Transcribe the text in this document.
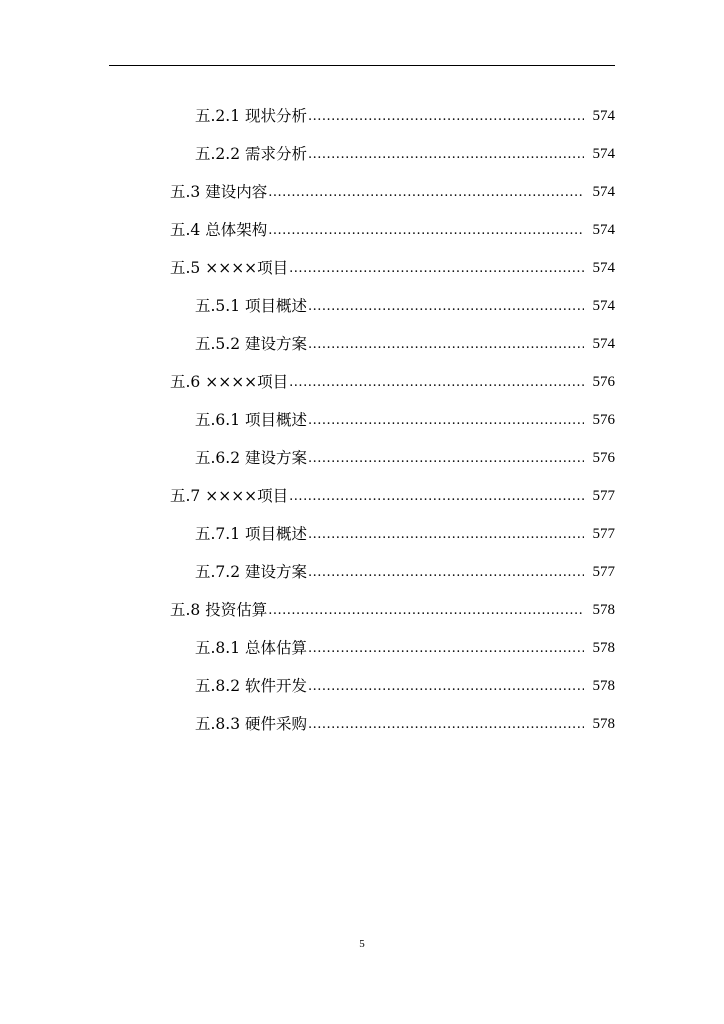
五.2.1 现状分析 .....	574
五.2.2 需求分析 .....	574
五.3 建设内容 .....	574
五.4 总体架构 .....	574
五.5 ××××项目 .....	574
五.5.1 项目概述 .....	574
五.5.2 建设方案 .....	574
五.6 ××××项目 .....	576
五.6.1 项目概述 .....	576
五.6.2 建设方案 .....	576
五.7 ××××项目 .....	577
五.7.1 项目概述 .....	577
五.7.2 建设方案 .....	577
五.8 投资估算 .....	578
五.8.1 总体估算 .....	578
五.8.2 软件开发 .....	578
五.8.3 硬件采购 .....	578
5
